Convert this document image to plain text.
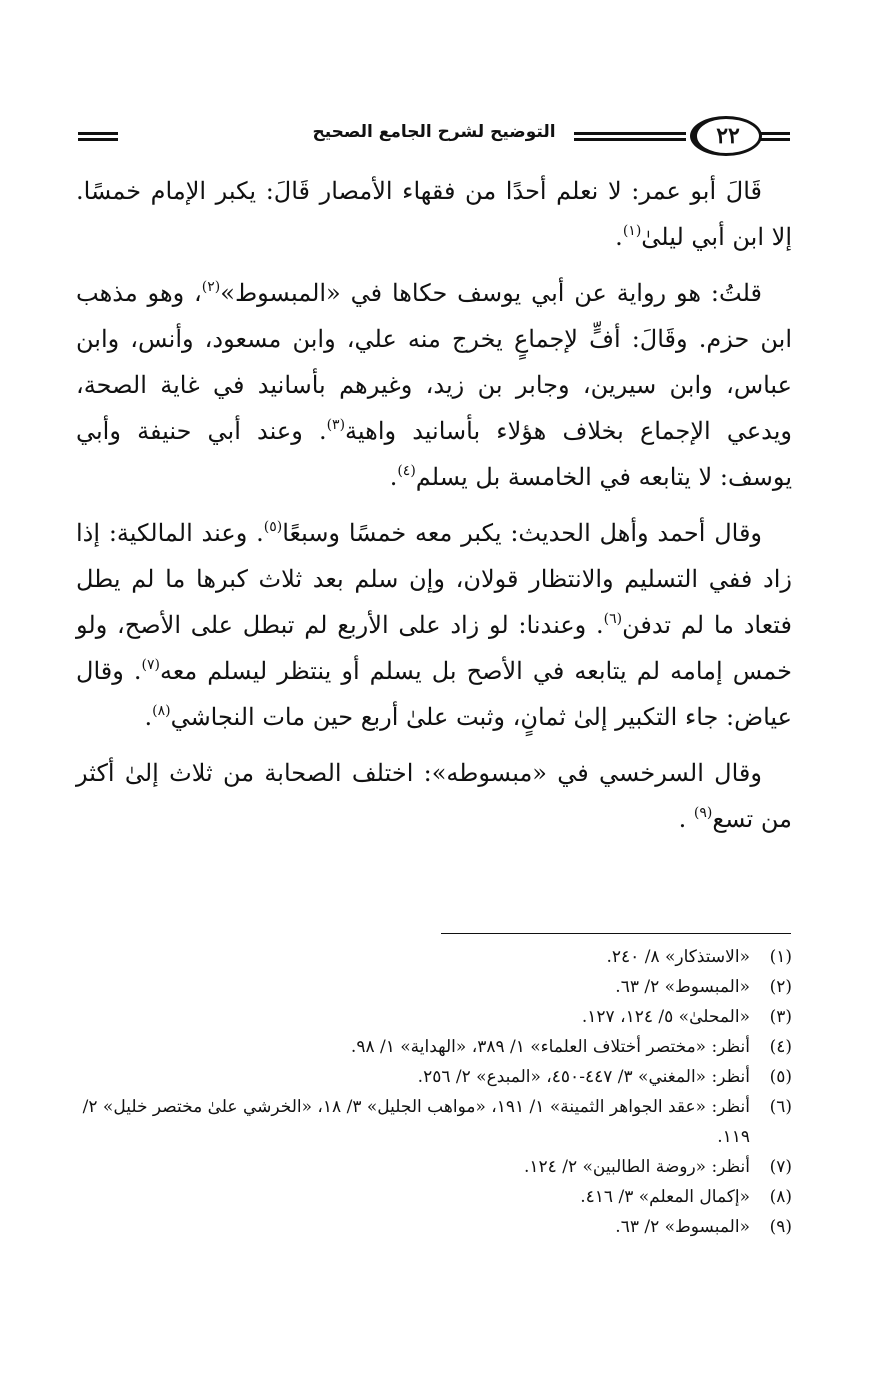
٢٢
التوضيح لشرح الجامع الصحيح

قَالَ أبو عمر: لا نعلم أحدًا من فقهاء الأمصار قَالَ: يكبر الإمام خمسًا. إلا ابن أبي ليلىٰ$^{(١)}$.

قلتُ: هو رواية عن أبي يوسف حكاها في «المبسوط»$^{(٢)}$، وهو مذهب ابن حزم. وقَالَ: أفٍّ لإجماعٍ يخرج منه علي، وابن مسعود، وأنس، وابن عباس، وابن سيرين، وجابر بن زيد، وغيرهم بأسانيد في غاية الصحة، ويدعي الإجماع بخلاف هؤلاء بأسانيد واهية$^{(٣)}$. وعند أبي حنيفة وأبي يوسف: لا يتابعه في الخامسة بل يسلم$^{(٤)}$.

وقال أحمد وأهل الحديث: يكبر معه خمسًا وسبعًا$^{(٥)}$. وعند المالكية: إذا زاد ففي التسليم والانتظار قولان، وإن سلم بعد ثلاث كبرها ما لم يطل فتعاد ما لم تدفن$^{(٦)}$. وعندنا: لو زاد على الأربع لم تبطل على الأصح، ولو خمس إمامه لم يتابعه في الأصح بل يسلم أو ينتظر ليسلم معه$^{(٧)}$. وقال عياض: جاء التكبير إلىٰ ثمانٍ، وثبت علىٰ أربع حين مات النجاشي$^{(٨)}$.

وقال السرخسي في «مبسوطه»: اختلف الصحابة من ثلاث إلىٰ أكثر من تسع$^{(٩)}$ .

(١)
«الاستذكار» ٨/ ٢٤٠.
(٢)
«المبسوط» ٢/ ٦٣.
(٣)
«المحلىٰ» ٥/ ١٢٤، ١٢٧.
(٤)
أنظر: «مختصر أختلاف العلماء» ١/ ٣٨٩، «الهداية» ١/ ٩٨.
(٥)
أنظر: «المغني» ٣/ ٤٤٧-٤٥٠، «المبدع» ٢/ ٢٥٦.
(٦)
أنظر: «عقد الجواهر الثمينة» ١/ ١٩١، «مواهب الجليل» ٣/ ١٨، «الخرشي علىٰ مختصر خليل» ٢/ ١١٩.
(٧)
أنظر: «روضة الطالبين» ٢/ ١٢٤.
(٨)
«إكمال المعلم» ٣/ ٤١٦.
(٩)
«المبسوط» ٢/ ٦٣.
